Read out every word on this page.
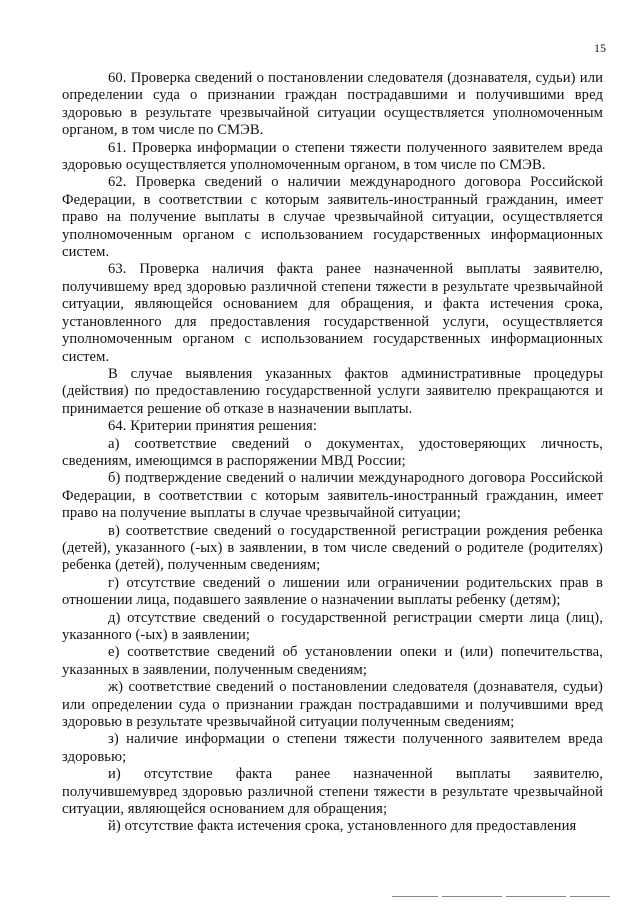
15

60. Проверка сведений о постановлении следователя (дознавателя, судьи) или определении суда о признании граждан пострадавшими и получившими вред здоровью в результате чрезвычайной ситуации осуществляется уполномоченным органом, в том числе по СМЭВ.

61. Проверка информации о степени тяжести полученного заявителем вреда здоровью осуществляется уполномоченным органом, в том числе по СМЭВ.

62. Проверка сведений о наличии международного договора Российской Федерации, в соответствии с которым заявитель-иностранный гражданин, имеет право на получение выплаты в случае чрезвычайной ситуации, осуществляется уполномоченным органом с использованием государственных информационных систем.

63. Проверка наличия факта ранее назначенной выплаты заявителю, получившему вред здоровью различной степени тяжести в результате чрезвычайной ситуации, являющейся основанием для обращения, и факта истечения срока, установленного для предоставления государственной услуги, осуществляется уполномоченным органом с использованием государственных информационных систем.

В случае выявления указанных фактов административные процедуры (действия) по предоставлению государственной услуги заявителю прекращаются и принимается решение об отказе в назначении выплаты.

64. Критерии принятия решения:

а) соответствие сведений о документах, удостоверяющих личность, сведениям, имеющимся в распоряжении МВД России;

б) подтверждение сведений о наличии международного договора Российской Федерации, в соответствии с которым заявитель-иностранный гражданин, имеет право на получение выплаты в случае чрезвычайной ситуации;

в) соответствие сведений о государственной регистрации рождения ребенка (детей), указанного (-ых) в заявлении, в том числе сведений о родителе (родителях) ребенка (детей), полученным сведениям;

г) отсутствие сведений о лишении или ограничении родительских прав в отношении лица, подавшего заявление о назначении выплаты ребенку (детям);

д) отсутствие сведений о государственной регистрации смерти лица (лиц), указанного (-ых) в заявлении;

е) соответствие сведений об установлении опеки и (или) попечительства, указанных в заявлении, полученным сведениям;

ж) соответствие сведений о постановлении следователя (дознавателя, судьи) или определении суда о признании граждан пострадавшими и получившими вред здоровью в результате чрезвычайной ситуации полученным сведениям;

з) наличие информации о степени тяжести полученного заявителем вреда здоровью;

и) отсутствие факта ранее назначенной выплаты заявителю, получившемувред здоровью различной степени тяжести в результате чрезвычайной ситуации, являющейся основанием для обращения;

й) отсутствие факта истечения срока, установленного для предоставления
